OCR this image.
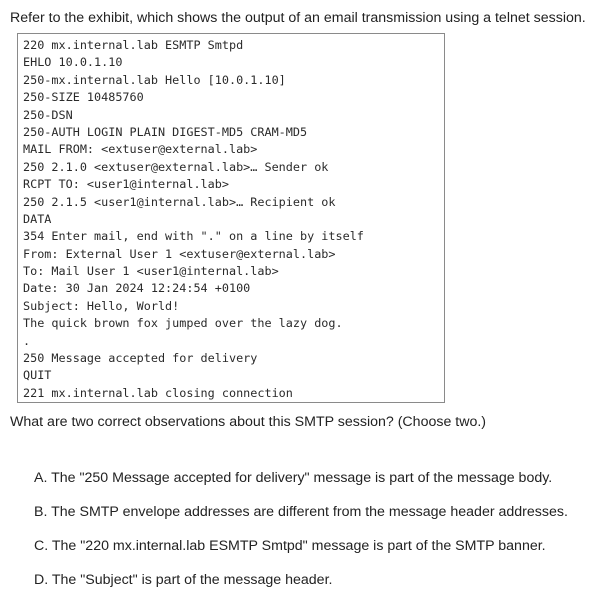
Refer to the exhibit, which shows the output of an email transmission using a telnet session.
220 mx.internal.lab ESMTP Smtpd
EHLO 10.0.1.10
250-mx.internal.lab Hello [10.0.1.10]
250-SIZE 10485760
250-DSN
250-AUTH LOGIN PLAIN DIGEST-MD5 CRAM-MD5
MAIL FROM: <extuser@external.lab>
250 2.1.0 <extuser@external.lab>… Sender ok
RCPT TO: <user1@internal.lab>
250 2.1.5 <user1@internal.lab>… Recipient ok
DATA
354 Enter mail, end with "." on a line by itself
From: External User 1 <extuser@external.lab>
To: Mail User 1 <user1@internal.lab>
Date: 30 Jan 2024 12:24:54 +0100
Subject: Hello, World!
The quick brown fox jumped over the lazy dog.
.
250 Message accepted for delivery
QUIT
221 mx.internal.lab closing connection
What are two correct observations about this SMTP session? (Choose two.)
A. The "250 Message accepted for delivery" message is part of the message body.
B. The SMTP envelope addresses are different from the message header addresses.
C. The "220 mx.internal.lab ESMTP Smtpd" message is part of the SMTP banner.
D. The "Subject" is part of the message header.
